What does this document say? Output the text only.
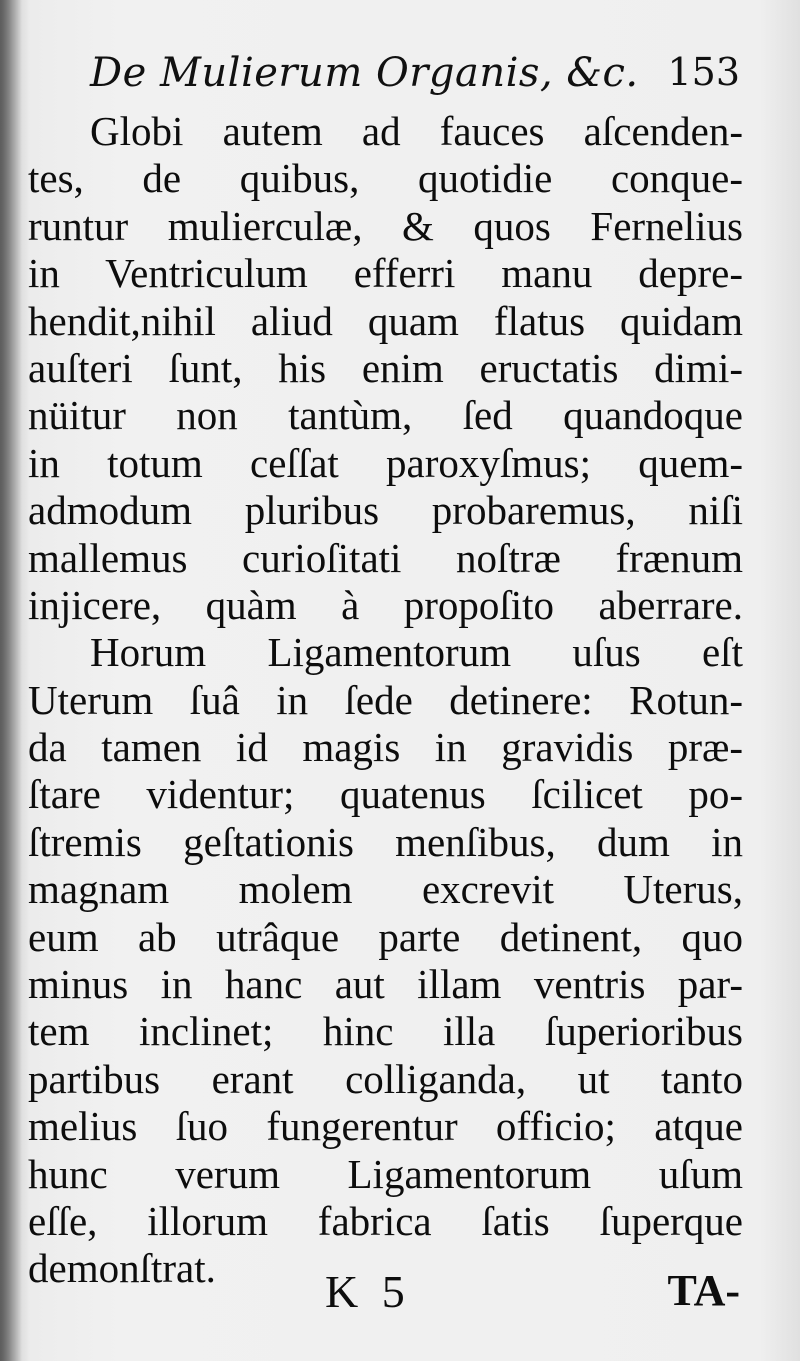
De Mulierum Organis, &c. 153
Globi autem ad fauces aſcenden-
tes, de quibus, quotidie conque-
runtur mulierculæ, & quos Fernelius
in Ventriculum efferri manu depre-
hendit,nihil aliud quam flatus quidam
auſteri ſunt, his enim eructatis dimi-
nüitur non tantùm, ſed quandoque
in totum ceſſat paroxyſmus; quem-
admodum pluribus probaremus, niſi
mallemus curioſitati noſtræ frænum
injicere, quàm à propoſito aberrare.
Horum Ligamentorum uſus eſt
Uterum ſuâ in ſede detinere: Rotun-
da tamen id magis in gravidis præ-
ſtare videntur; quatenus ſcilicet po-
ſtremis geſtationis menſibus, dum in
magnam molem excrevit Uterus,
eum ab utrâque parte detinent, quo
minus in hanc aut illam ventris par-
tem inclinet; hinc illa ſuperioribus
partibus erant colliganda, ut tanto
melius ſuo fungerentur officio; atque
hunc verum Ligamentorum uſum
eſſe, illorum fabrica ſatis ſuperque
demonſtrat.	K 5	TA-
